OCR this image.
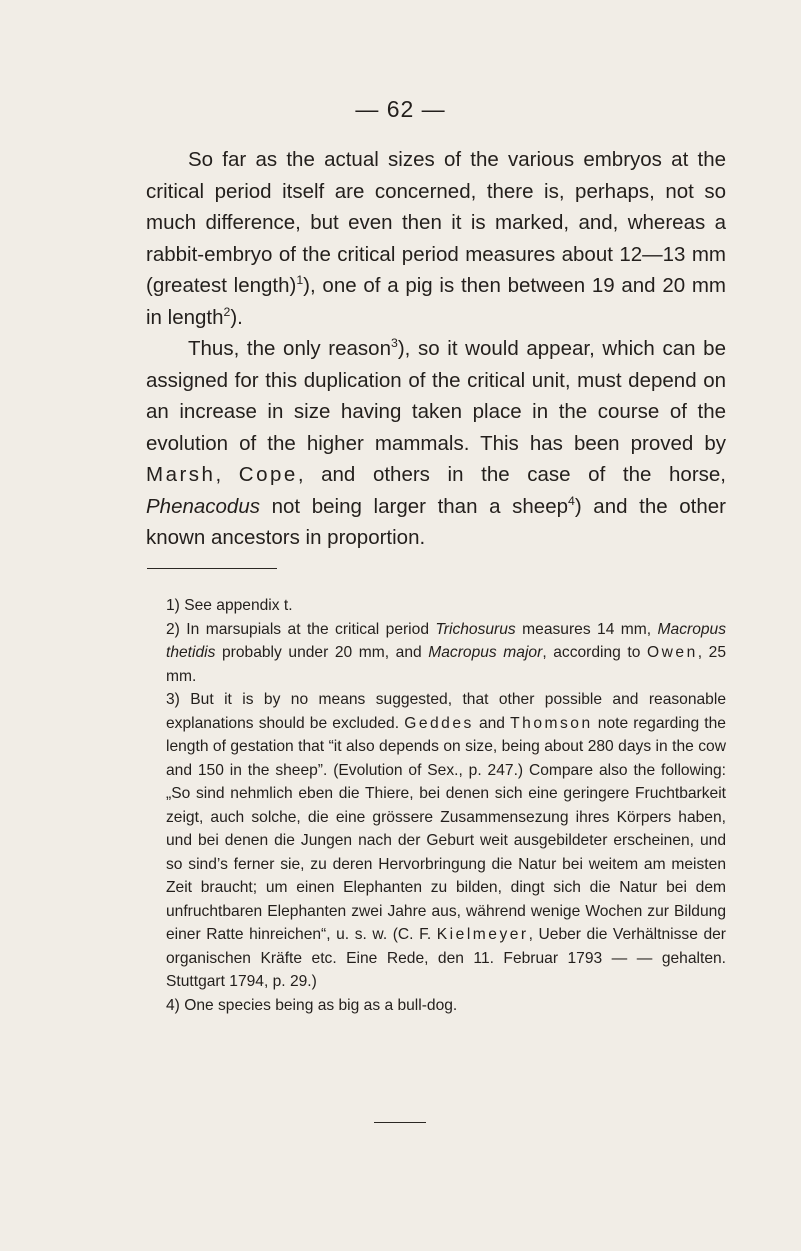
— 62 —

So far as the actual sizes of the various embryos at the critical period itself are concerned, there is, perhaps, not so much difference, but even then it is marked, and, whereas a rabbit-embryo of the critical period measures about 12—13 mm (greatest length)$^1$), one of a pig is then between 19 and 20 mm in length$^2$).

Thus, the only reason$^3$), so it would appear, which can be assigned for this duplication of the critical unit, must depend on an increase in size having taken place in the course of the evolution of the higher mammals. This has been proved by Marsh, Cope, and others in the case of the horse, Phenacodus not being larger than a sheep$^4$) and the other known ancestors in proportion.

1) See appendix t.

2) In marsupials at the critical period Trichosurus measures 14 mm, Macropus thetidis probably under 20 mm, and Macropus major, according to Owen, 25 mm.

3) But it is by no means suggested, that other possible and reasonable explanations should be excluded. Geddes and Thomson note regarding the length of gestation that “it also depends on size, being about 280 days in the cow and 150 in the sheep”. (Evolution of Sex., p. 247.) Compare also the following: „So sind nehmlich eben die Thiere, bei denen sich eine geringere Fruchtbarkeit zeigt, auch solche, die eine grössere Zusammensezung ihres Körpers haben, und bei denen die Jungen nach der Geburt weit ausgebildeter erscheinen, und so sind’s ferner sie, zu deren Hervorbringung die Natur bei weitem am meisten Zeit braucht; um einen Elephanten zu bilden, dingt sich die Natur bei dem unfruchtbaren Elephanten zwei Jahre aus, während wenige Wochen zur Bildung einer Ratte hinreichen“, u. s. w. (C. F. Kielmeyer, Ueber die Verhältnisse der organischen Kräfte etc. Eine Rede, den 11. Februar 1793 — — gehalten. Stuttgart 1794, p. 29.)

4) One species being as big as a bull-dog.
